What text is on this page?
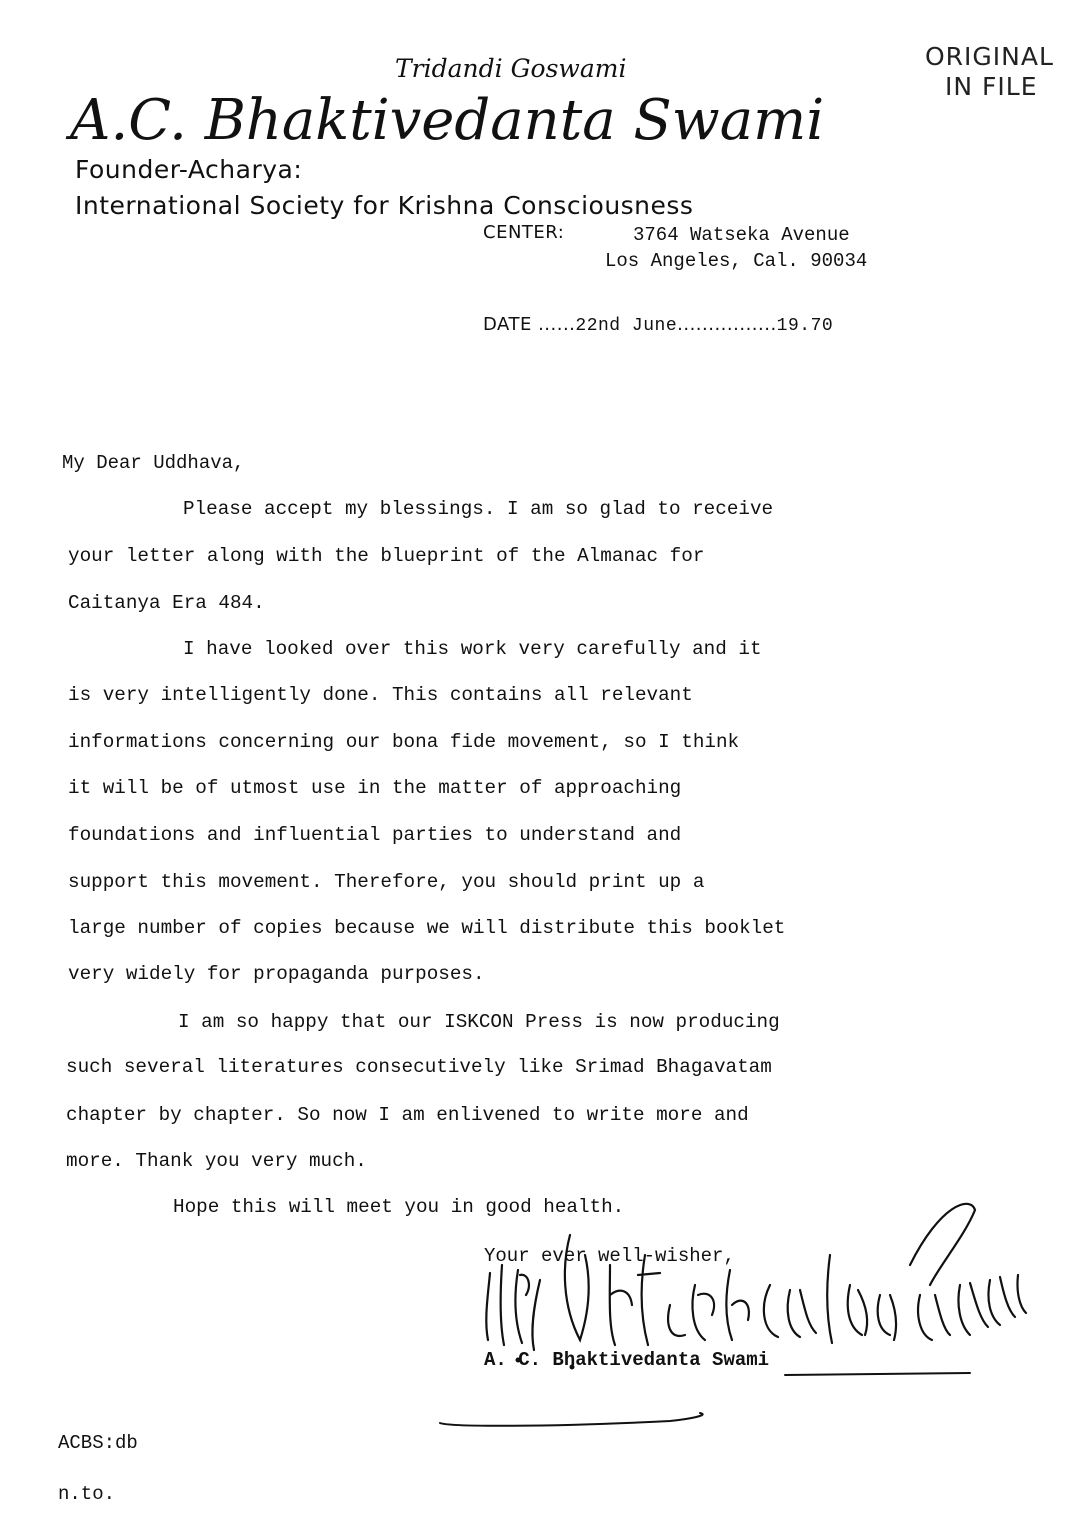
Tridandi Goswami
A.C. Bhaktivedanta Swami
ORIGINAL
IN FILE
Founder-Acharya:
International Society for Krishna Consciousness
CENTER:	3764 Watseka Avenue
Los Angeles, Cal. 90034
DATE ......22nd June................19.70
My Dear Uddhava,
Please accept my blessings. I am so glad to receive
your letter along with the blueprint of the Almanac for
Caitanya Era 484.
I have looked over this work very carefully and it
is very intelligently done. This contains all relevant
informations concerning our bona fide movement, so I think
it will be of utmost use in the matter of approaching
foundations and influential parties to understand and
support this movement. Therefore, you should print up a
large number of copies because we will distribute this booklet
very widely for propaganda purposes.
I am so happy that our ISKCON Press is now producing
such several literatures consecutively like Srimad Bhagavatam
chapter by chapter. So now I am enlivened to write more and
more. Thank you very much.
Hope this will meet you in good health.
Your ever well-wisher,
A. C. Bhaktivedanta Swami
ACBS:db
n.to.
